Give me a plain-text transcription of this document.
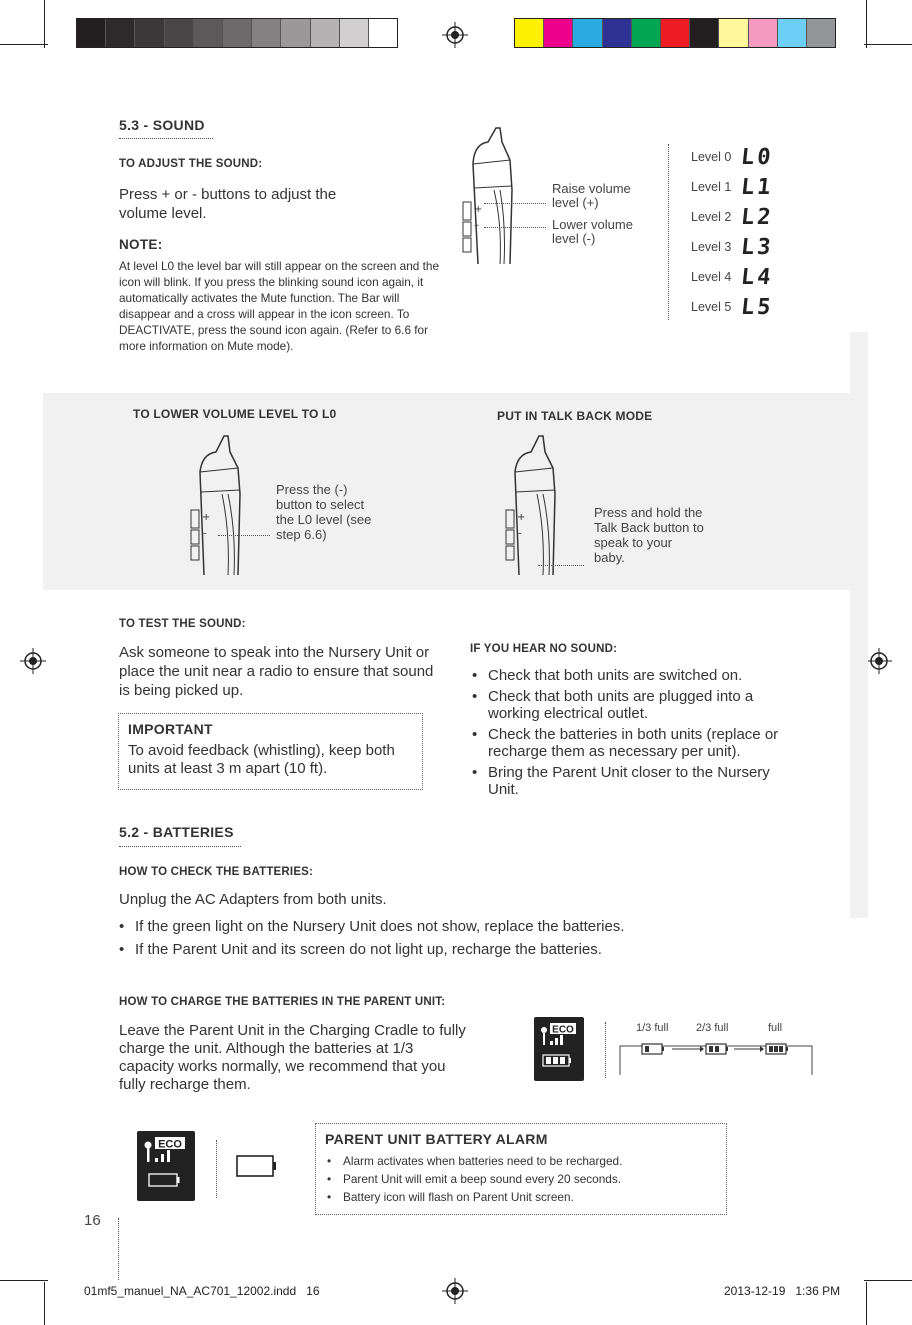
5.3 - SOUND
TO ADJUST THE SOUND:
Press + or - buttons to adjust the volume level.
NOTE:
At level L0 the level bar will still appear on the screen and the icon will blink. If you press the blinking sound icon again, it automatically activates the Mute function. The Bar will disappear and a cross will appear in the icon screen. To DEACTIVATE, press the sound icon again. (Refer to 6.6 for more information on Mute mode).
+
–
Raise volume level (+)
Lower volume level (-)
Level 0 L0
Level 1 L1
Level 2 L2
Level 3 L3
Level 4 L4
Level 5 L5
TO LOWER VOLUME LEVEL TO L0	PUT IN TALK BACK MODE
+
–
Press the (-) button to select the L0 level (see step 6.6)
+
–
Press and hold the Talk Back button to speak to your baby.
TO TEST THE SOUND:
Ask someone to speak into the Nursery Unit or place the unit near a radio to ensure that sound is being picked up.
IMPORTANT
To avoid feedback (whistling), keep both units at least 3 m apart (10 ft).
IF YOU HEAR NO SOUND:
• Check that both units are switched on.
• Check that both units are plugged into a working electrical outlet.
• Check the batteries in both units (replace or recharge them as necessary per unit).
• Bring the Parent Unit closer to the Nursery Unit.
5.2 - BATTERIES
HOW TO CHECK THE BATTERIES:
Unplug the AC Adapters from both units.
• If the green light on the Nursery Unit does not show, replace the batteries.
• If the Parent Unit and its screen do not light up, recharge the batteries.
HOW TO CHARGE THE BATTERIES IN THE PARENT UNIT:
Leave the Parent Unit in the Charging Cradle to fully charge the unit. Although the batteries at 1/3 capacity works normally, we recommend that you fully recharge them.
ECO	1/3 full	2/3 full	full
ECO	PARENT UNIT BATTERY ALARM
• Alarm activates when batteries need to be recharged.
• Parent Unit will emit a beep sound every 20 seconds.
• Battery icon will flash on Parent Unit screen.
16
01mf5_manuel_NA_AC701_12002.indd   16	2013-12-19   1:36 PM
